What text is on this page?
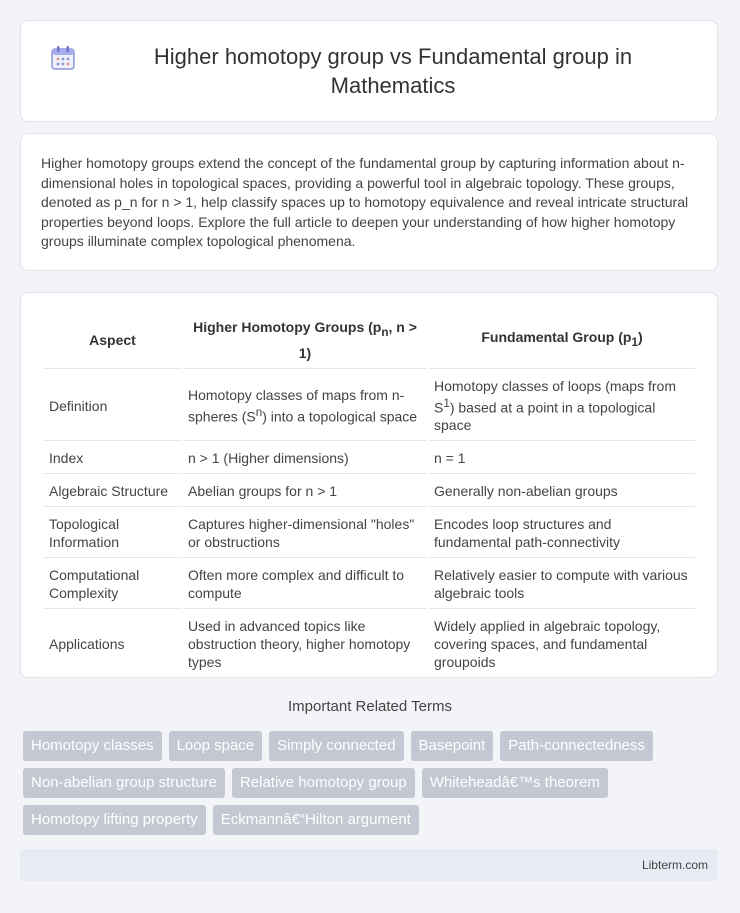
Higher homotopy group vs Fundamental group in Mathematics

Higher homotopy groups extend the concept of the fundamental group by capturing information about n-dimensional holes in topological spaces, providing a powerful tool in algebraic topology. These groups, denoted as p_n for n > 1, help classify spaces up to homotopy equivalence and reveal intricate structural properties beyond loops. Explore the full article to deepen your understanding of how higher homotopy groups illuminate complex topological phenomena.

Aspect	Higher Homotopy Groups ($p_n$, n > 1)	Fundamental Group $(p_1)$
Definition	Homotopy classes of maps from n-spheres $(S^n)$ into a topological space	Homotopy classes of loops (maps from $S^1$) based at a point in a topological space
Index	n > 1 (Higher dimensions)	n = 1
Algebraic Structure	Abelian groups for n > 1	Generally non-abelian groups
Topological Information	Captures higher-dimensional "holes" or obstructions	Encodes loop structures and fundamental path-connectivity
Computational Complexity	Often more complex and difficult to compute	Relatively easier to compute with various algebraic tools
Applications	Used in advanced topics like obstruction theory, higher homotopy types	Widely applied in algebraic topology, covering spaces, and fundamental groupoids
Important Related Terms
Homotopy classes	Loop space	Simply connected	Basepoint	Path-connectedness
Non-abelian group structure	Relative homotopy group	Whiteheadâ€™s theorem
Homotopy lifting property	Eckmannâ€“Hilton argument
Libterm.com
